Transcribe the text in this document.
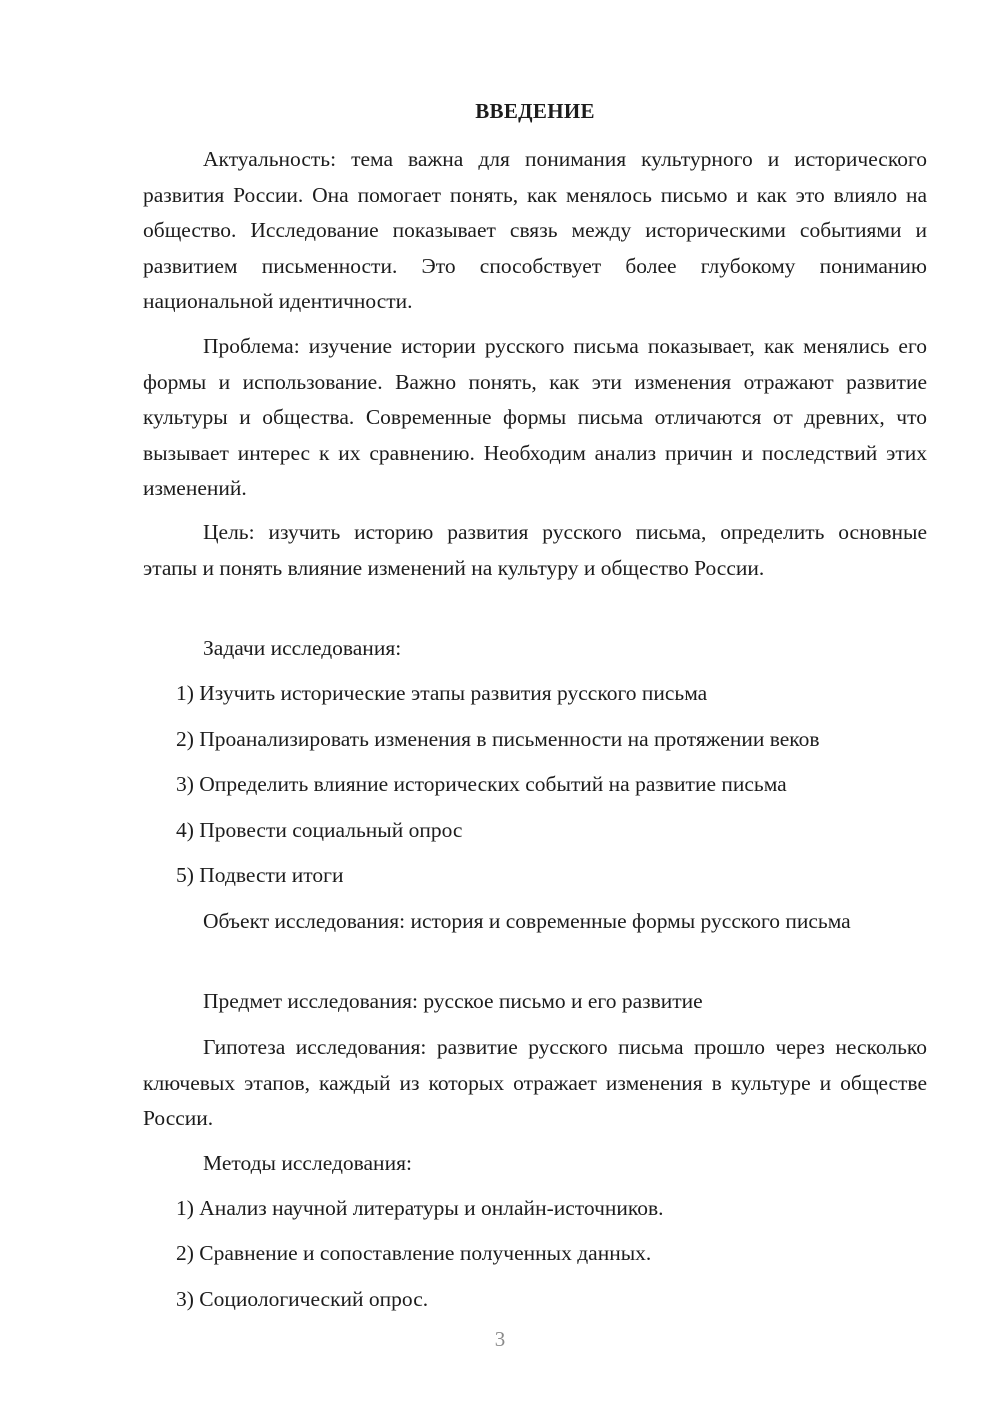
ВВЕДЕНИЕ

Актуальность: тема важна для понимания культурного и исторического развития России. Она помогает понять, как менялось письмо и как это влияло на общество. Исследование показывает связь между историческими событиями и развитием письменности. Это способствует более глубокому пониманию национальной идентичности.

Проблема: изучение истории русского письма показывает, как менялись его формы и использование. Важно понять, как эти изменения отражают развитие культуры и общества. Современные формы письма отличаются от древних, что вызывает интерес к их сравнению. Необходим анализ причин и последствий этих изменений.

Цель: изучить историю развития русского письма, определить основные этапы и понять влияние изменений на культуру и общество России.

Задачи исследования:

1) Изучить исторические этапы развития русского письма

2) Проанализировать изменения в письменности на протяжении веков

3) Определить влияние исторических событий на развитие письма

4) Провести социальный опрос

5) Подвести итоги

Объект исследования: история и современные формы русского письма

Предмет исследования: русское письмо и его развитие

Гипотеза исследования: развитие русского письма прошло через несколько ключевых этапов, каждый из которых отражает изменения в культуре и обществе России.

Методы исследования:

1) Анализ научной литературы и онлайн-источников.

2) Сравнение и сопоставление полученных данных.

3) Социологический опрос.

3
